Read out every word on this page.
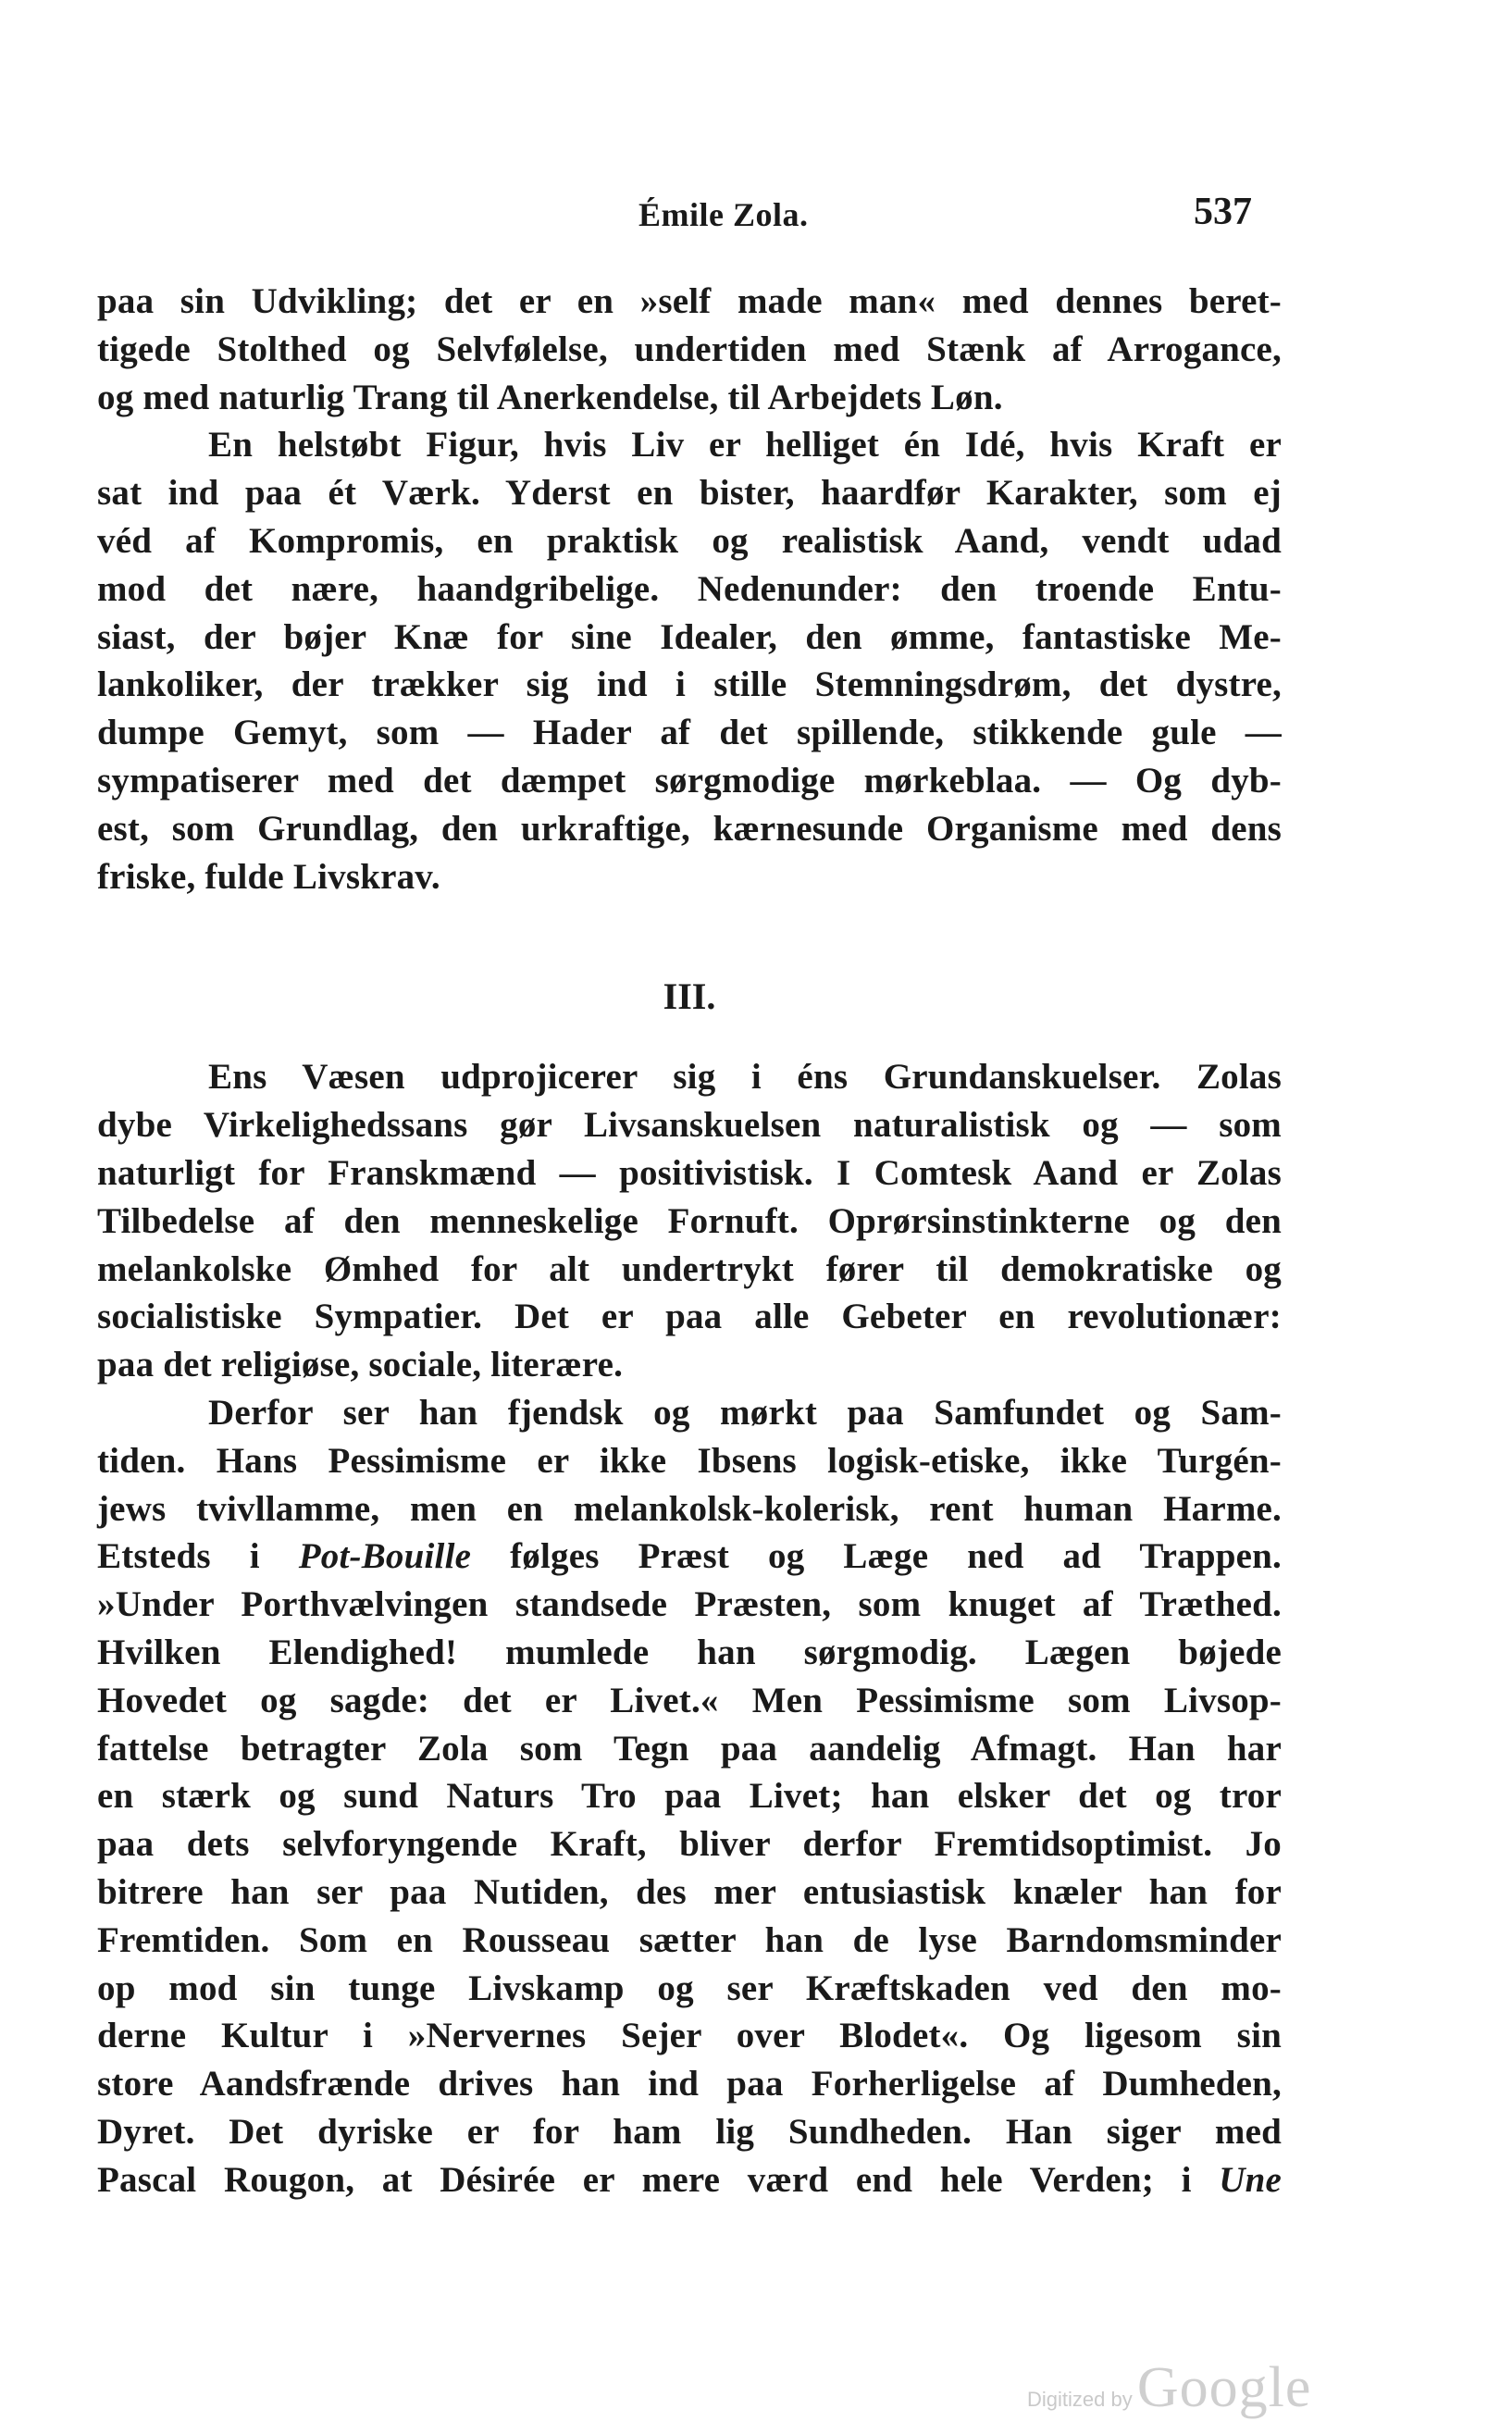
Émile Zola.	537
paa sin Udvikling; det er en »self made man« med dennes beret-
tigede Stolthed og Selvfølelse, undertiden med Stænk af Arrogance,
og med naturlig Trang til Anerkendelse, til Arbejdets Løn.
En helstøbt Figur, hvis Liv er helliget én Idé, hvis Kraft er
sat ind paa ét Værk. Yderst en bister, haardfør Karakter, som ej
véd af Kompromis, en praktisk og realistisk Aand, vendt udad
mod det nære, haandgribelige. Nedenunder: den troende Entu-
siast, der bøjer Knæ for sine Idealer, den ømme, fantastiske Me-
lankoliker, der trækker sig ind i stille Stemningsdrøm, det dystre,
dumpe Gemyt, som — Hader af det spillende, stikkende gule —
sympatiserer med det dæmpet sørgmodige mørkeblaa. — Og dyb-
est, som Grundlag, den urkraftige, kærnesunde Organisme med dens
friske, fulde Livskrav.
III.
Ens Væsen udprojicerer sig i éns Grundanskuelser. Zolas
dybe Virkelighedssans gør Livsanskuelsen naturalistisk og — som
naturligt for Franskmænd — positivistisk. I Comtesk Aand er Zolas
Tilbedelse af den menneskelige Fornuft. Oprørsinstinkterne og den
melankolske Ømhed for alt undertrykt fører til demokratiske og
socialistiske Sympatier. Det er paa alle Gebeter en revolutionær:
paa det religiøse, sociale, literære.
Derfor ser han fjendsk og mørkt paa Samfundet og Sam-
tiden. Hans Pessimisme er ikke Ibsens logisk-etiske, ikke Turgén-
jews tvivllamme, men en melankolsk-kolerisk, rent human Harme.
Etsteds i Pot-Bouille følges Præst og Læge ned ad Trappen.
»Under Porthvælvingen standsede Præsten, som knuget af Træthed.
Hvilken Elendighed! mumlede han sørgmodig. Lægen bøjede
Hovedet og sagde: det er Livet.« Men Pessimisme som Livsop-
fattelse betragter Zola som Tegn paa aandelig Afmagt. Han har
en stærk og sund Naturs Tro paa Livet; han elsker det og tror
paa dets selvforyngende Kraft, bliver derfor Fremtidsoptimist. Jo
bitrere han ser paa Nutiden, des mer entusiastisk knæler han for
Fremtiden. Som en Rousseau sætter han de lyse Barndomsminder
op mod sin tunge Livskamp og ser Kræftskaden ved den mo-
derne Kultur i »Nervernes Sejer over Blodet«. Og ligesom sin
store Aandsfrænde drives han ind paa Forherligelse af Dumheden,
Dyret. Det dyriske er for ham lig Sundheden. Han siger med
Pascal Rougon, at Désirée er mere værd end hele Verden; i Une
Digitized by Google
